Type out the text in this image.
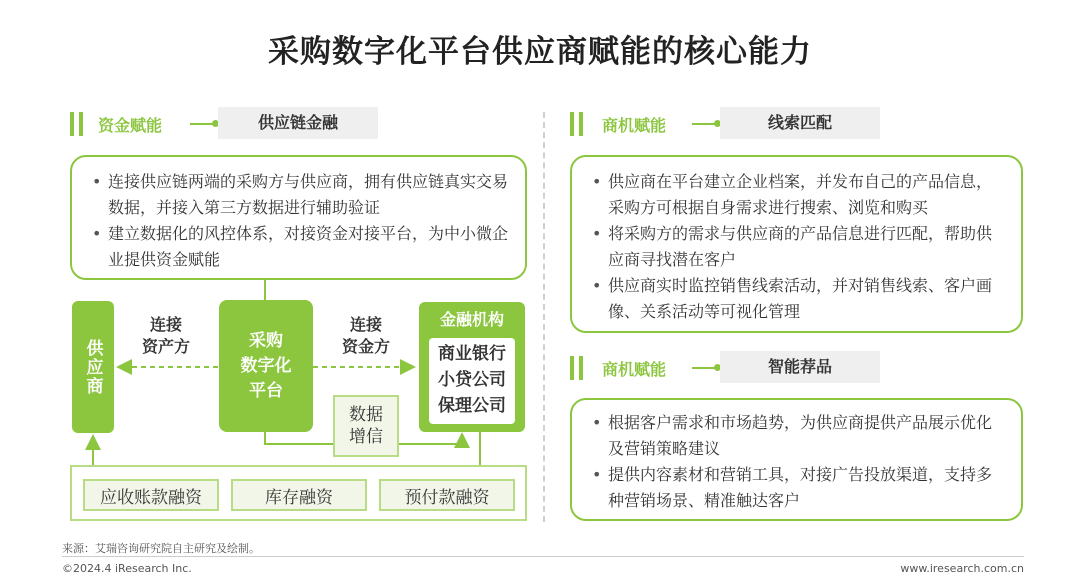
采购数字化平台供应商赋能的核心能力
资金赋能	供应链金融
• 连接供应链两端的采购方与供应商，拥有供应链真实交易数据，并接入第三方数据进行辅助验证
• 建立数据化的风控体系，对接资金对接平台，为中小微企业提供资金赋能
供应商
连接
资产方	采购
数字化
平台
连接
资金方
金融机构
商业银行
小贷公司
保理公司
数据
增信
应收账款融资	库存融资	预付款融资
商机赋能	线索匹配
• 供应商在平台建立企业档案，并发布自己的产品信息，采购方可根据自身需求进行搜索、浏览和购买
• 将采购方的需求与供应商的产品信息进行匹配，帮助供应商寻找潜在客户
• 供应商实时监控销售线索活动，并对销售线索、客户画像、关系活动等可视化管理
商机赋能	智能荐品
• 根据客户需求和市场趋势，为供应商提供产品展示优化及营销策略建议
• 提供内容素材和营销工具，对接广告投放渠道，支持多种营销场景、精准触达客户
来源：艾瑞咨询研究院自主研究及绘制。
©2024.4 iResearch Inc.	www.iresearch.com.cn
